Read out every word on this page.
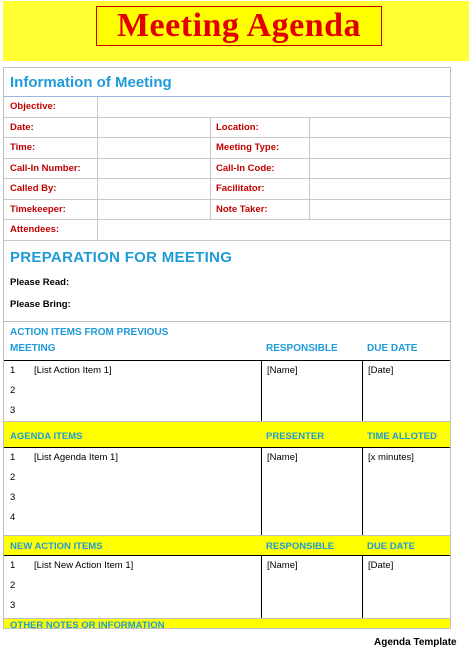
Meeting Agenda
Information of Meeting
Objective:
Date:	Location:
Time:	Meeting Type:
Call-In Number:	Call-In Code:
Called By:	Facilitator:
Timekeeper:	Note Taker:
Attendees:
PREPARATION FOR MEETING
Please Read:
Please Bring:
ACTION ITEMS FROM PREVIOUS
MEETING	RESPONSIBLE	DUE DATE
1 [List Action Item 1]	[Name]	[Date]
2
3
AGENDA ITEMS	PRESENTER	TIME ALLOTED
1 [List Agenda Item 1]	[Name]	[x minutes]
2
3
4
NEW ACTION ITEMS	RESPONSIBLE	DUE DATE
1 [List New Action Item 1]	[Name]	[Date]
2
3
OTHER NOTES OR INFORMATION
Agenda Template
